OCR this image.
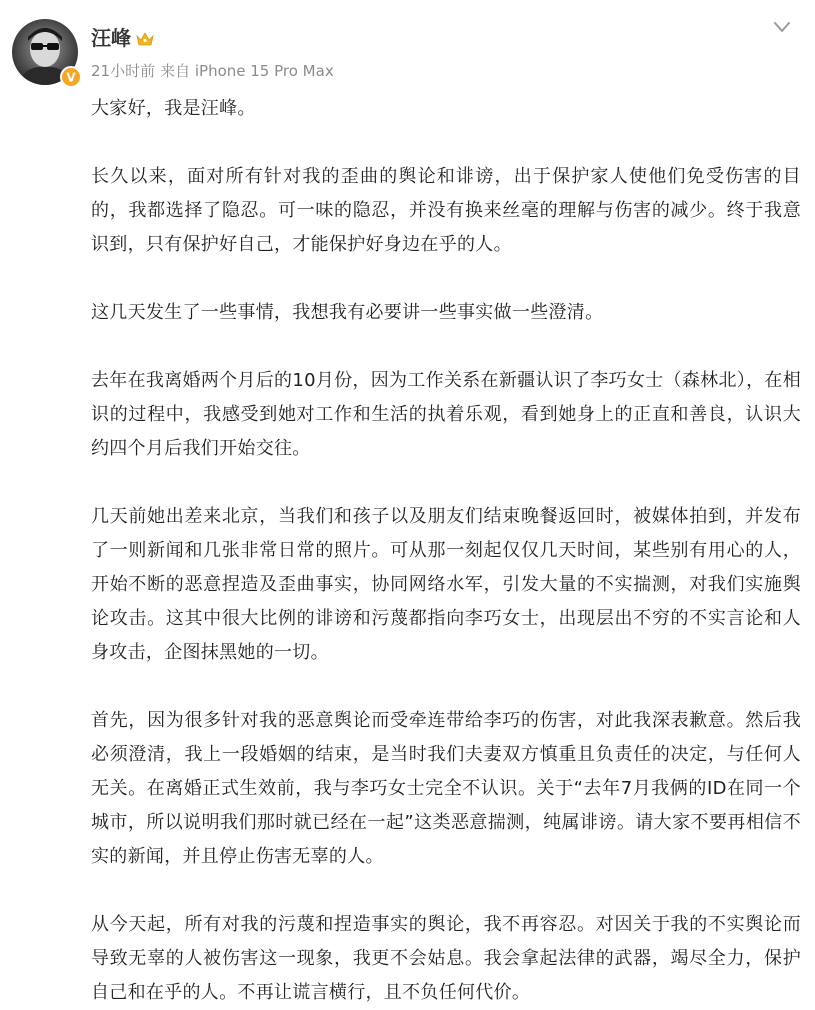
V
汪峰
21小时前 来自 iPhone 15 Pro Max

大家好，我是汪峰。

长久以来，面对所有针对我的歪曲的舆论和诽谤，出于保护家人使他们免受伤害的目的，我都选择了隐忍。可一味的隐忍，并没有换来丝毫的理解与伤害的减少。终于我意识到，只有保护好自己，才能保护好身边在乎的人。

这几天发生了一些事情，我想我有必要讲一些事实做一些澄清。

去年在我离婚两个月后的10月份，因为工作关系在新疆认识了李巧女士（森林北），在相识的过程中，我感受到她对工作和生活的执着乐观，看到她身上的正直和善良，认识大约四个月后我们开始交往。

几天前她出差来北京，当我们和孩子以及朋友们结束晚餐返回时，被媒体拍到，并发布了一则新闻和几张非常日常的照片。可从那一刻起仅仅几天时间，某些别有用心的人，开始不断的恶意捏造及歪曲事实，协同网络水军，引发大量的不实揣测，对我们实施舆论攻击。这其中很大比例的诽谤和污蔑都指向李巧女士，出现层出不穷的不实言论和人身攻击，企图抹黑她的一切。

首先，因为很多针对我的恶意舆论而受牵连带给李巧的伤害，对此我深表歉意。然后我必须澄清，我上一段婚姻的结束，是当时我们夫妻双方慎重且负责任的决定，与任何人无关。在离婚正式生效前，我与李巧女士完全不认识。关于“去年7月我俩的ID在同一个城市，所以说明我们那时就已经在一起”这类恶意揣测，纯属诽谤。请大家不要再相信不实的新闻，并且停止伤害无辜的人。

从今天起，所有对我的污蔑和捏造事实的舆论，我不再容忍。对因关于我的不实舆论而导致无辜的人被伤害这一现象，我更不会姑息。我会拿起法律的武器，竭尽全力，保护自己和在乎的人。不再让谎言横行，且不负任何代价。
